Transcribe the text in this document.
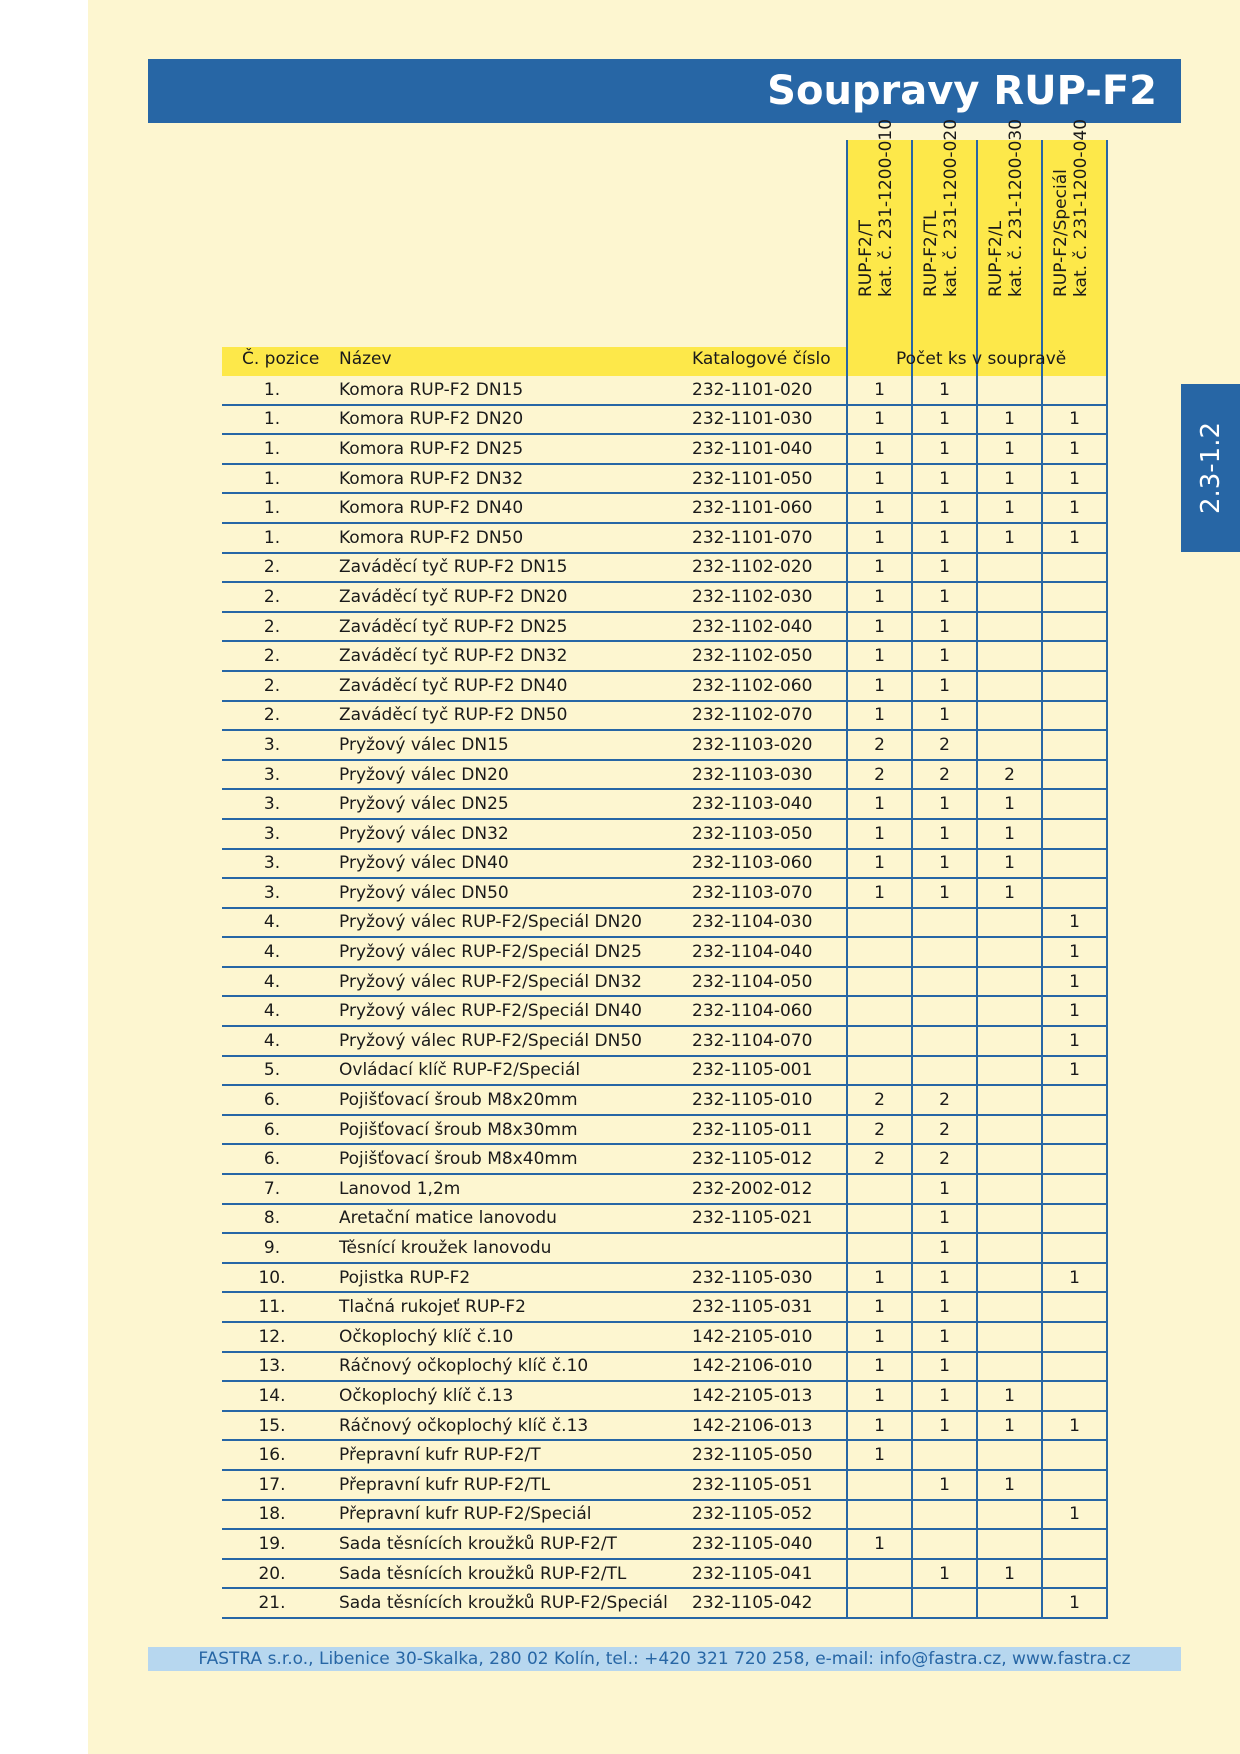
Soupravy RUP-F2
2.3-1.2
RUP-F2/T kat. č. 231-1200-010 RUP-F2/TL kat. č. 231-1200-020 RUP-F2/L kat. č. 231-1200-030 RUP-F2/Speciál kat. č. 231-1200-040
Č. pozice Název	Katalogové číslo	Počet ks v soupravě
1.	Komora RUP-F2 DN15	232-1101-020	1	1		
1.	Komora RUP-F2 DN20	232-1101-030	1	1	1	1
1.	Komora RUP-F2 DN25	232-1101-040	1	1	1	1
1.	Komora RUP-F2 DN32	232-1101-050	1	1	1	1
1.	Komora RUP-F2 DN40	232-1101-060	1	1	1	1
1.	Komora RUP-F2 DN50	232-1101-070	1	1	1	1
2.	Zaváděcí tyč RUP-F2 DN15	232-1102-020	1	1		
2.	Zaváděcí tyč RUP-F2 DN20	232-1102-030	1	1		
2.	Zaváděcí tyč RUP-F2 DN25	232-1102-040	1	1		
2.	Zaváděcí tyč RUP-F2 DN32	232-1102-050	1	1		
2.	Zaváděcí tyč RUP-F2 DN40	232-1102-060	1	1		
2.	Zaváděcí tyč RUP-F2 DN50	232-1102-070	1	1		
3.	Pryžový válec DN15	232-1103-020	2	2		
3.	Pryžový válec DN20	232-1103-030	2	2	2	
3.	Pryžový válec DN25	232-1103-040	1	1	1	
3.	Pryžový válec DN32	232-1103-050	1	1	1	
3.	Pryžový válec DN40	232-1103-060	1	1	1	
3.	Pryžový válec DN50	232-1103-070	1	1	1	
4.	Pryžový válec RUP-F2/Speciál DN20	232-1104-030				1
4.	Pryžový válec RUP-F2/Speciál DN25	232-1104-040				1
4.	Pryžový válec RUP-F2/Speciál DN32	232-1104-050				1
4.	Pryžový válec RUP-F2/Speciál DN40	232-1104-060				1
4.	Pryžový válec RUP-F2/Speciál DN50	232-1104-070				1
5.	Ovládací klíč RUP-F2/Speciál	232-1105-001				1
6.	Pojišťovací šroub M8x20mm	232-1105-010	2	2		
6.	Pojišťovací šroub M8x30mm	232-1105-011	2	2		
6.	Pojišťovací šroub M8x40mm	232-1105-012	2	2		
7.	Lanovod 1,2m	232-2002-012		1		
8.	Aretační matice lanovodu	232-1105-021		1		
9.	Těsnící kroužek lanovodu			1		
10.	Pojistka RUP-F2	232-1105-030	1	1		1
11.	Tlačná rukojeť RUP-F2	232-1105-031	1	1		
12.	Očkoplochý klíč č.10	142-2105-010	1	1		
13.	Ráčnový očkoplochý klíč č.10	142-2106-010	1	1		
14.	Očkoplochý klíč č.13	142-2105-013	1	1	1	
15.	Ráčnový očkoplochý klíč č.13	142-2106-013	1	1	1	1
16.	Přepravní kufr RUP-F2/T	232-1105-050	1			
17.	Přepravní kufr RUP-F2/TL	232-1105-051		1	1	
18.	Přepravní kufr RUP-F2/Speciál	232-1105-052				1
19.	Sada těsnících kroužků RUP-F2/T	232-1105-040	1			
20.	Sada těsnících kroužků RUP-F2/TL	232-1105-041		1	1	
21.	Sada těsnících kroužků RUP-F2/Speciál	232-1105-042				1
FASTRA s.r.o., Libenice 30-Skalka, 280 02 Kolín, tel.: +420 321 720 258, e-mail: info@fastra.cz, www.fastra.cz
